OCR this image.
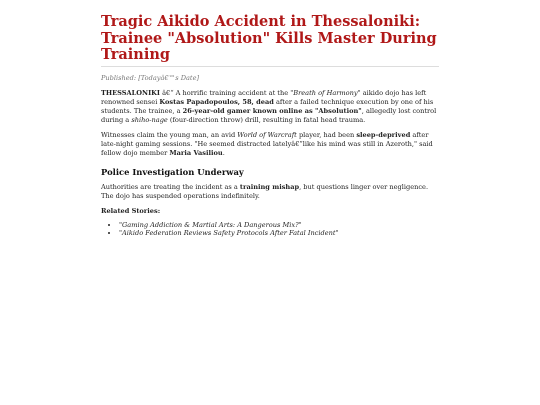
Tragic Aikido Accident in Thessaloniki: Trainee "Absolution" Kills Master During Training
Published: [Todayâ€™s Date]

THESSALONIKI â€“ A horrific training accident at the "Breath of Harmony" aikido dojo has left renowned sensei Kostas Papadopoulos, 58, dead after a failed technique execution by one of his students. The trainee, a 26-year-old gamer known online as "Absolution", allegedly lost control during a shiho-nage (four-direction throw) drill, resulting in fatal head trauma.

Witnesses claim the young man, an avid World of Warcraft player, had been sleep-deprived after late-night gaming sessions. "He seemed distracted latelyâ€”like his mind was still in Azeroth," said fellow dojo member Maria Vasiliou.

Police Investigation Underway

Authorities are treating the incident as a training mishap, but questions linger over negligence. The dojo has suspended operations indefinitely.

Related Stories:
• "Gaming Addiction & Martial Arts: A Dangerous Mix?"
• "Aikido Federation Reviews Safety Protocols After Fatal Incident"
